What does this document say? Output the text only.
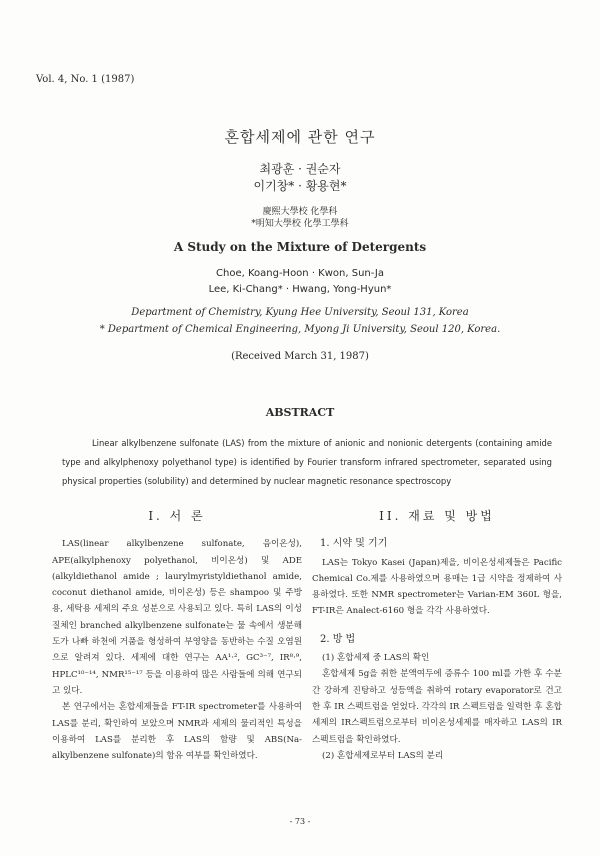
Vol. 4, No. 1 (1987)
혼합세제에 관한 연구
최광훈 · 권순자
이기창* · 황용현*
慶熙大學校 化學科
*明知大學校 化學工學科
A Study on the Mixture of Detergents
Choe, Koang-Hoon · Kwon, Sun-Ja
Lee, Ki-Chang* · Hwang, Yong-Hyun*
Department of Chemistry, Kyung Hee University, Seoul 131, Korea
* Department of Chemical Engineering, Myong Ji University, Seoul 120, Korea.
(Received March 31, 1987)
ABSTRACT
Linear alkylbenzene sulfonate (LAS) from the mixture of anionic and nonionic detergents (containing amide type and alkylphenoxy polyethanol type) is identified by Fourier transform infrared spectrometer, separated using physical properties (solubility) and determined by nuclear magnetic resonance spectroscopy
I. 서 론
LAS(linear alkylbenzene sulfonate, 음이온성), APE(alkylphenoxy polyethanol, 비이온성) 및 ADE (alkyldiethanol amide ; laurylmyristyldiethanol amide, coconut diethanol amide, 비이온성) 등은 shampoo 및 주방용, 세탁용 세제의 주요 성분으로 사용되고 있다. 특히 LAS의 이성질체인 branched alkylbenzene sulfonate는 물 속에서 생분해도가 나빠 하천에 거품을 형성하여 부영양을 동반하는 수질 오염원으로 알려져 있다. 세제에 대한 연구는 AA¹·², GC³⁻⁷, IR⁸·⁹, HPLC¹⁰⁻¹⁴, NMR¹⁵⁻¹⁷ 등을 이용하여 많은 사람들에 의해 연구되고 있다.
본 연구에서는 혼합세제들을 FT-IR spectrometer를 사용하여 LAS를 분리, 확인하여 보았으며 NMR과 세제의 물리적인 특성을 이용하여 LAS를 분리한 후 LAS의 함량 및 ABS(Na-alkylbenzene sulfonate)의 함유 여부를 확인하였다.
II. 재료 및 방법
1. 시약 및 기기
LAS는 Tokyo Kasei (Japan)제을, 비이온성세제들은 Pacific Chemical Co.제를 사용하였으며 용매는 1급 시약을 정제하여 사용하였다. 또한 NMR spectrometer는 Varian-EM 360L 형을, FT-IR은 Analect-6160 형을 각각 사용하였다.
2. 방 법
(1) 혼합세제 중 LAS의 확인
혼합세제 5g을 취한 분액여두에 증류수 100 ml를 가한 후 수분간 강하게 진탕하고 성등액을 취하여 rotary evaporator로 건고한 후 IR 스펙트럼을 얻었다. 각각의 IR 스펙트럼을 일력한 후 혼합세제의 IR스펙트럼으로부터 비이온성세제를 매자하고 LAS의 IR스펙트럼을 확인하였다.
(2) 혼합세제로부터 LAS의 분리
- 73 -
